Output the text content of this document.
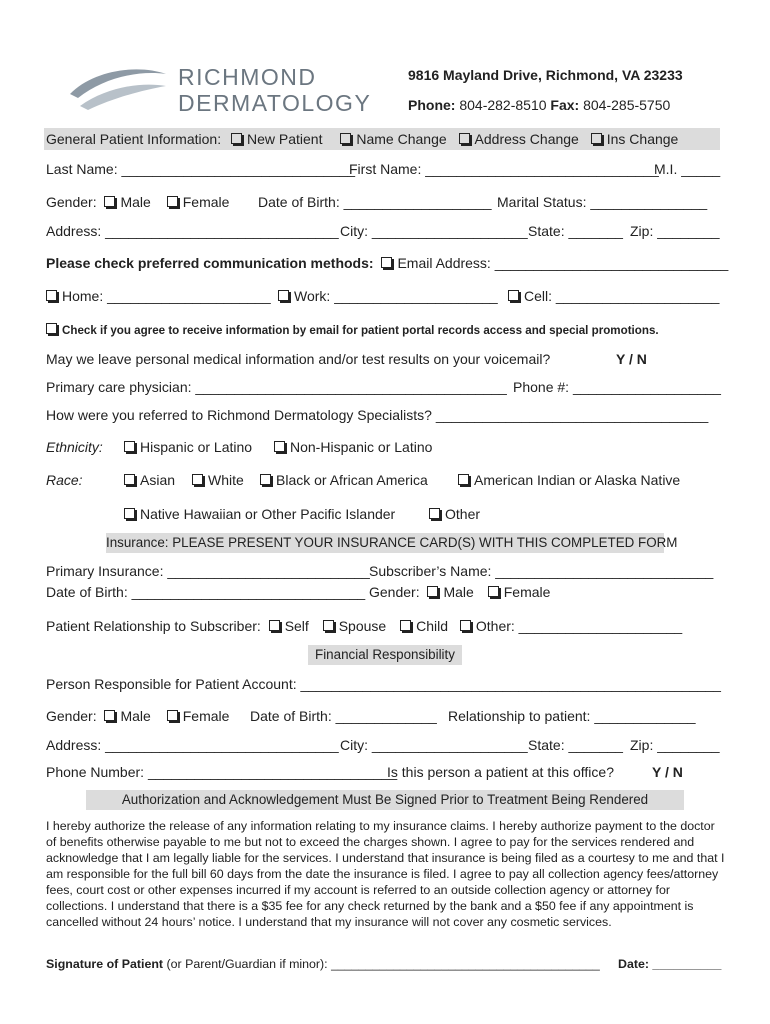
RICHMOND
DERMATOLOGY
9816 Mayland Drive, Richmond, VA 23233
Phone: 804-282-8510 Fax: 804-285-5750
General Patient Information: New Patient Name Change Address Change Ins Change
Last Name: ______________________________
First Name: ______________________________
M.I. _____
Gender: Male Female Date of Birth: ___________________ Marital Status: _______________
Address: ______________________________ City: ____________________ State: _______ Zip: ________
Please check preferred communication methods: Email Address: ______________________________
Home: _____________________	Work: _____________________	Cell: _____________________
Check if you agree to receive information by email for patient portal records access and special promotions.
May we leave personal medical information and/or test results on your voicemail?	Y / N
Primary care physician: ________________________________________ Phone #: ___________________
How were you referred to Richmond Dermatology Specialists? ___________________________________
Ethnicity:	Hispanic or Latino	Non-Hispanic or Latino
Race:	Asian	White	Black or African America	American Indian or Alaska Native
Native Hawaiian or Other Pacific Islander	Other
Insurance: PLEASE PRESENT YOUR INSURANCE CARD(S) WITH THIS COMPLETED FORM
Primary Insurance: __________________________ Subscriber’s Name: ____________________________
Date of Birth: ______________________________ Gender: Male Female
Patient Relationship to Subscriber: Self Spouse Child Other: _____________________
Financial Responsibility
Person Responsible for Patient Account: ______________________________________________________
Gender: Male Female Date of Birth: _____________ Relationship to patient: _____________
Address: ______________________________ City: ____________________ State: _______ Zip: ________
Phone Number: ________________________________
Is this person a patient at this office?	Y / N
Authorization and Acknowledgement Must Be Signed Prior to Treatment Being Rendered
I hereby authorize the release of any information relating to my insurance claims. I hereby authorize payment to the doctor of benefits otherwise payable to me but not to exceed the charges shown. I agree to pay for the services rendered and acknowledge that I am legally liable for the services. I understand that insurance is being filed as a courtesy to me and that I am responsible for the full bill 60 days from the date the insurance is filed. I agree to pay all collection agency fees/attorney fees, court cost or other expenses incurred if my account is referred to an outside collection agency or attorney for collections. I understand that there is a $35 fee for any check returned by the bank and a $50 fee if any appointment is cancelled without 24 hours’ notice. I understand that my insurance will not cover any cosmetic services.
Signature of Patient (or Parent/Guardian if minor): _______________________________________ Date: __________
